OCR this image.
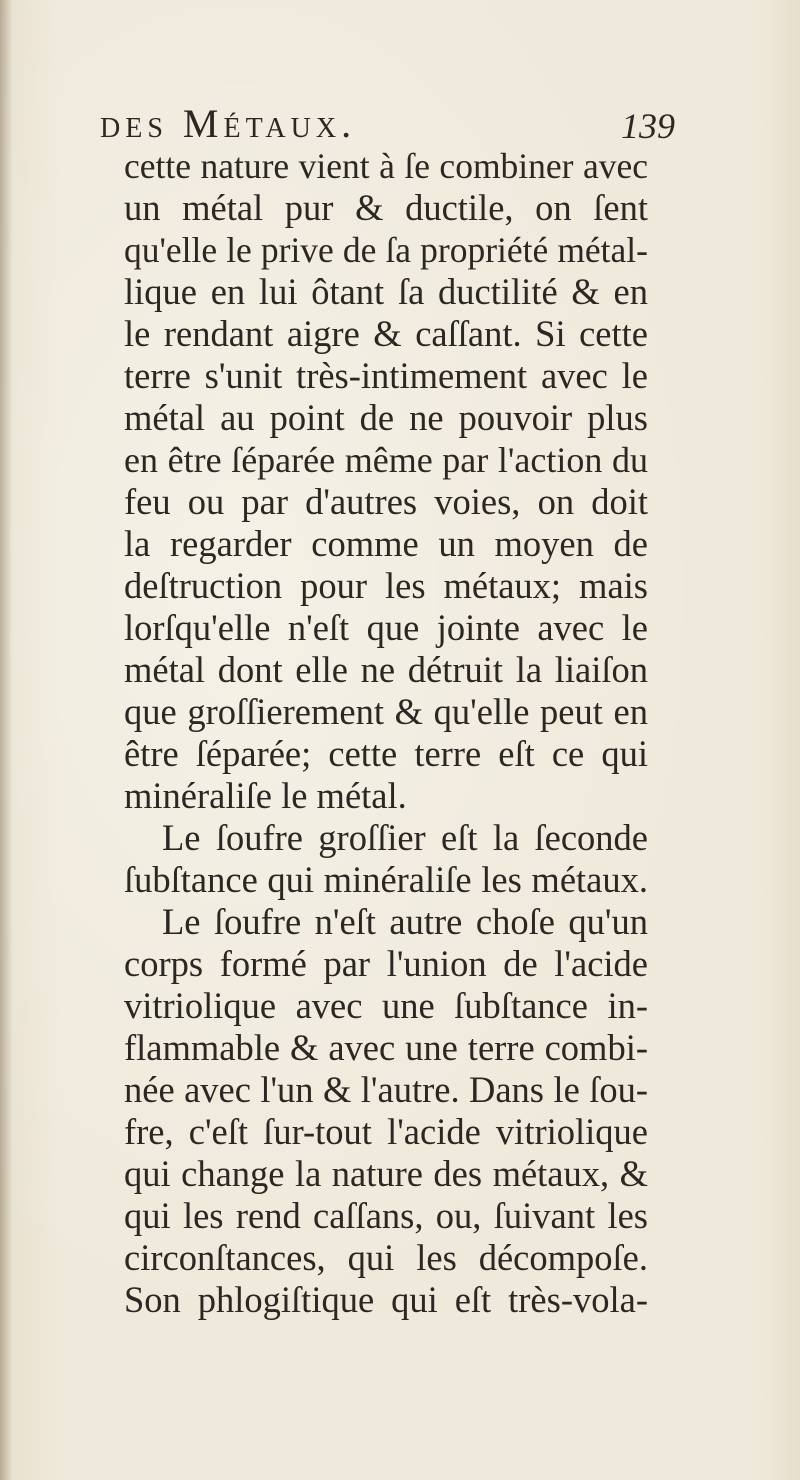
des Métaux.	139
cette nature vient à ſe combiner avec
un métal pur & ductile, on ſent
qu'elle le prive de ſa propriété métal-
lique en lui ôtant ſa ductilité & en
le rendant aigre & caſſant. Si cette
terre s'unit très-intimement avec le
métal au point de ne pouvoir plus
en être ſéparée même par l'action du
feu ou par d'autres voies, on doit
la regarder comme un moyen de
deſtruction pour les métaux; mais
lorſqu'elle n'eſt que jointe avec le
métal dont elle ne détruit la liaiſon
que groſſierement & qu'elle peut en
être ſéparée; cette terre eſt ce qui
minéraliſe le métal.
Le ſoufre groſſier eſt la ſeconde
ſubſtance qui minéraliſe les métaux.
Le ſoufre n'eſt autre choſe qu'un
corps formé par l'union de l'acide
vitriolique avec une ſubſtance in-
flammable & avec une terre combi-
née avec l'un & l'autre. Dans le ſou-
fre, c'eſt ſur-tout l'acide vitriolique
qui change la nature des métaux, &
qui les rend caſſans, ou, ſuivant les
circonſtances, qui les décompoſe.
Son phlogiſtique qui eſt très-vola-
